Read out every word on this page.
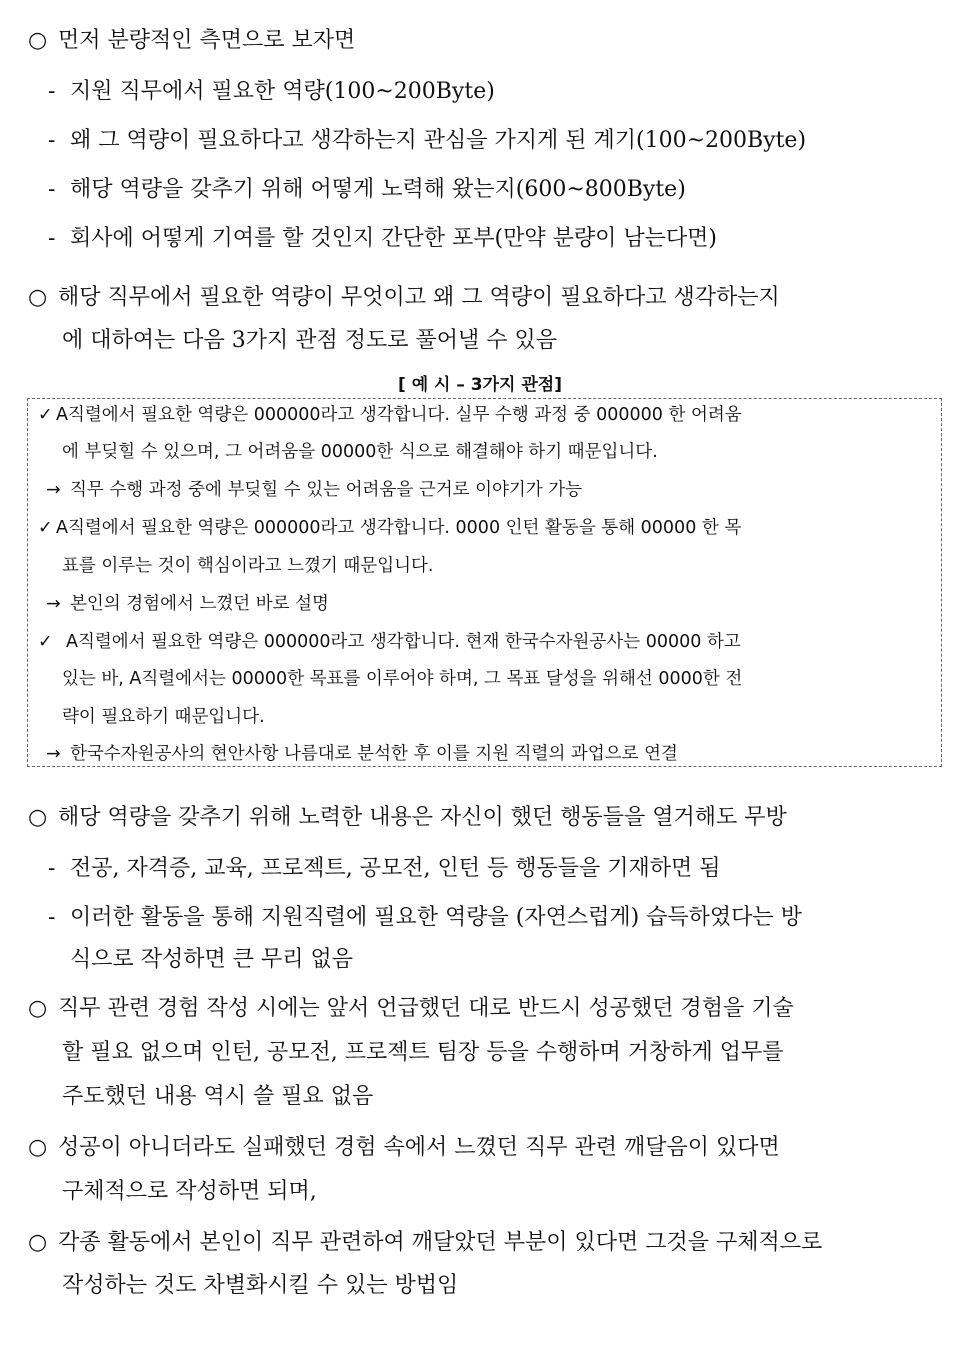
○ 먼저 분량적인 측면으로 보자면
- 지원 직무에서 필요한 역량(100~200Byte)
- 왜 그 역량이 필요하다고 생각하는지 관심을 가지게 된 계기(100~200Byte)
- 해당 역량을 갖추기 위해 어떻게 노력해 왔는지(600~800Byte)
- 회사에 어떻게 기여를 할 것인지 간단한 포부(만약 분량이 남는다면)
○ 해당 직무에서 필요한 역량이 무엇이고 왜 그 역량이 필요하다고 생각하는지
에 대하여는 다음 3가지 관점 정도로 풀어낼 수 있음
[ 예 시 – 3가지 관점]
✓ A직렬에서 필요한 역량은 000000라고 생각합니다. 실무 수행 과정 중 000000 한 어려움
에 부딪힐 수 있으며, 그 어려움을 00000한 식으로 해결해야 하기 때문입니다.
→ 직무 수행 과정 중에 부딪힐 수 있는 어려움을 근거로 이야기가 가능
✓ A직렬에서 필요한 역량은 000000라고 생각합니다. 0000 인턴 활동을 통해 00000 한 목
표를 이루는 것이 핵심이라고 느꼈기 때문입니다.
→ 본인의 경험에서 느꼈던 바로 설명
✓ A직렬에서 필요한 역량은 000000라고 생각합니다. 현재 한국수자원공사는 00000 하고
있는 바, A직렬에서는 00000한 목표를 이루어야 하며, 그 목표 달성을 위해선 0000한 전
략이 필요하기 때문입니다.
→ 한국수자원공사의 현안사항 나름대로 분석한 후 이를 지원 직렬의 과업으로 연결
○ 해당 역량을 갖추기 위해 노력한 내용은 자신이 했던 행동들을 열거해도 무방
- 전공, 자격증, 교육, 프로젝트, 공모전, 인턴 등 행동들을 기재하면 됨
- 이러한 활동을 통해 지원직렬에 필요한 역량을 (자연스럽게) 습득하였다는 방
식으로 작성하면 큰 무리 없음
○ 직무 관련 경험 작성 시에는 앞서 언급했던 대로 반드시 성공했던 경험을 기술
할 필요 없으며 인턴, 공모전, 프로젝트 팀장 등을 수행하며 거창하게 업무를
주도했던 내용 역시 쓸 필요 없음
○ 성공이 아니더라도 실패했던 경험 속에서 느꼈던 직무 관련 깨달음이 있다면
구체적으로 작성하면 되며,
○ 각종 활동에서 본인이 직무 관련하여 깨달았던 부분이 있다면 그것을 구체적으로
작성하는 것도 차별화시킬 수 있는 방법임
